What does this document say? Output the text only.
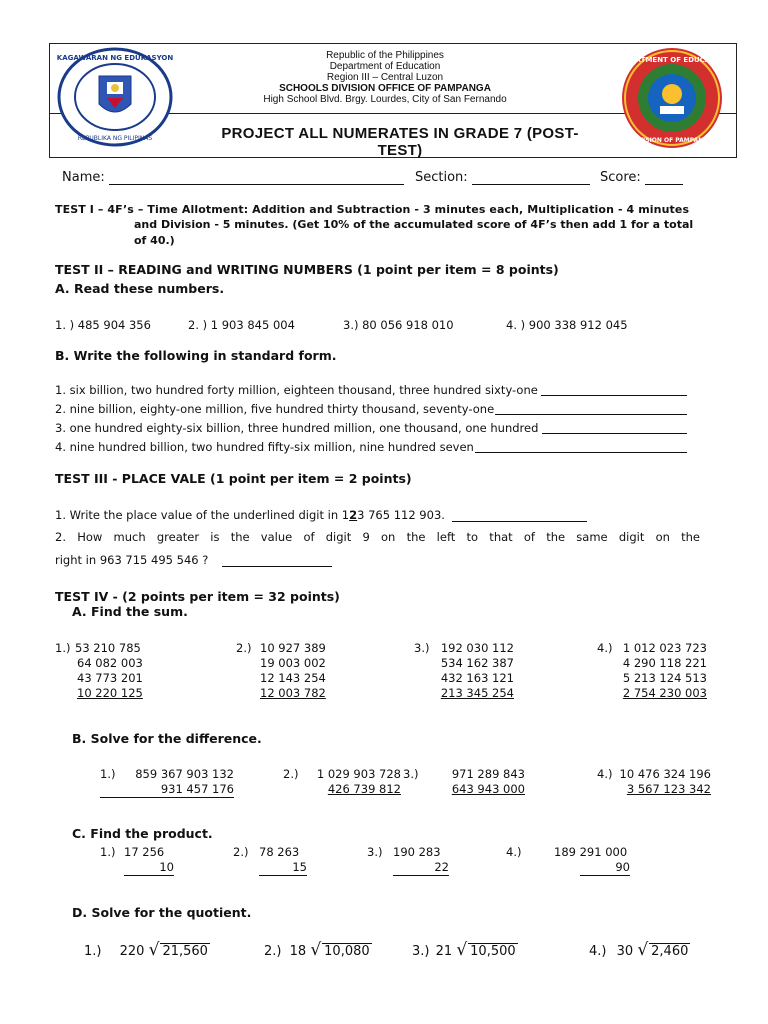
KAGAWARAN NG EDUKASYON
REPUBLIKA NG PILIPINAS
DEPARTMENT OF EDUCATION
DIVISION OF PAMPANGA
Republic of the Philippines
Department of Education
Region III – Central Luzon
SCHOOLS DIVISION OFFICE OF PAMPANGA
High School Blvd. Brgy. Lourdes, City of San Fernando
PROJECT ALL NUMERATES IN GRADE 7 (POST-TEST)
Name:	Section:	Score:
TEST I – 4F’s – Time Allotment: Addition and Subtraction - 3 minutes each, Multiplication - 4 minutes
and Division - 5 minutes. (Get 10% of the accumulated score of 4F’s then add 1 for a total
of 40.)
TEST II – READING and WRITING NUMBERS (1 point per item = 8 points)
A. Read these numbers.
1. ) 485 904 356	2. ) 1 903 845 004	3.) 80 056 918 010	4. ) 900 338 912 045
B. Write the following in standard form.
1. six billion, two hundred forty million, eighteen thousand, three hundred sixty-one
2. nine billion, eighty-one million, five hundred thirty thousand, seventy-one
3. one hundred eighty-six billion, three hundred million, one thousand, one hundred
4. nine hundred billion, two hundred fifty-six million, nine hundred seven
TEST III - PLACE VALE (1 point per item = 2 points)
1. Write the place value of the underlined digit in 123 765 112 903.
2. How much greater is the value of digit 9 on the left to that of the same digit on the
right in 963 715 495 546 ?
TEST IV - (2 points per item = 32 points)
A. Find the sum.
1.) 53 210 785
64 082 003
43 773 201
10 220 125
2.) 10 927 389
19 003 002
12 143 254
12 003 782
3.) 192 030 112
534 162 387
432 163 121
213 345 254
4.) 1 012 023 723
4 290 118 221
5 213 124 513
2 754 230 003
B. Solve for the difference.
1.)	859 367 903 132
931 457 176
2.)	1 029 903 728
426 739 812
3.)	971 289 843
643 943 000
4.) 10 476 324 196
3 567 123 342
C. Find the product.
1.) 17 256
10
2.) 78 263
15
3.) 190 283
22
4.)	189 291 000
90
D. Solve for the quotient.
1.) 220 √ 21,560	2.) 18 √ 10,080	3.) 21 √ 10,500	4.) 30 √ 2,460
